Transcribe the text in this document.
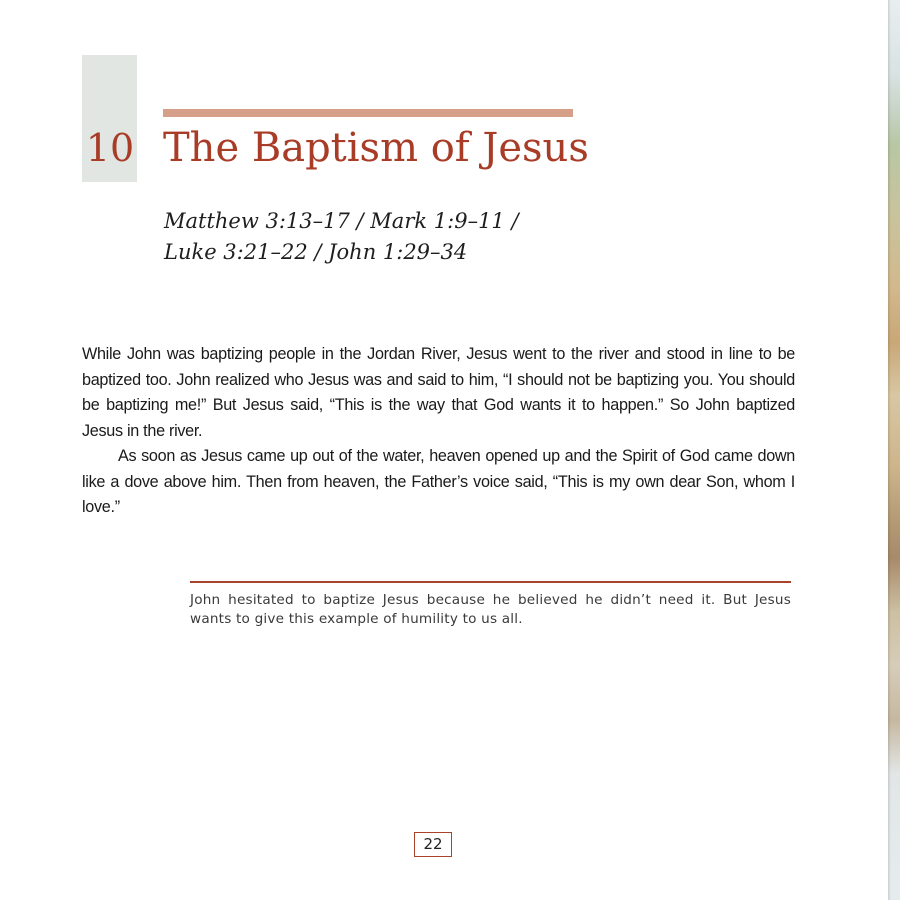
10 The Baptism of Jesus
Matthew 3:13–17 / Mark 1:9–11 /
Luke 3:21–22 / John 1:29–34

While John was baptizing people in the Jordan River, Jesus went to the river and stood in line to be baptized too. John realized who Jesus was and said to him, “I should not be baptizing you. You should be baptizing me!” But Jesus said, “This is the way that God wants it to happen.” So John baptized Jesus in the river.

As soon as Jesus came up out of the water, heaven opened up and the Spirit of God came down like a dove above him. Then from heaven, the Father’s voice said, “This is my own dear Son, whom I love.”

John hesitated to baptize Jesus because he believed he didn’t need it. But Jesus wants to give this example of humility to us all.
22
